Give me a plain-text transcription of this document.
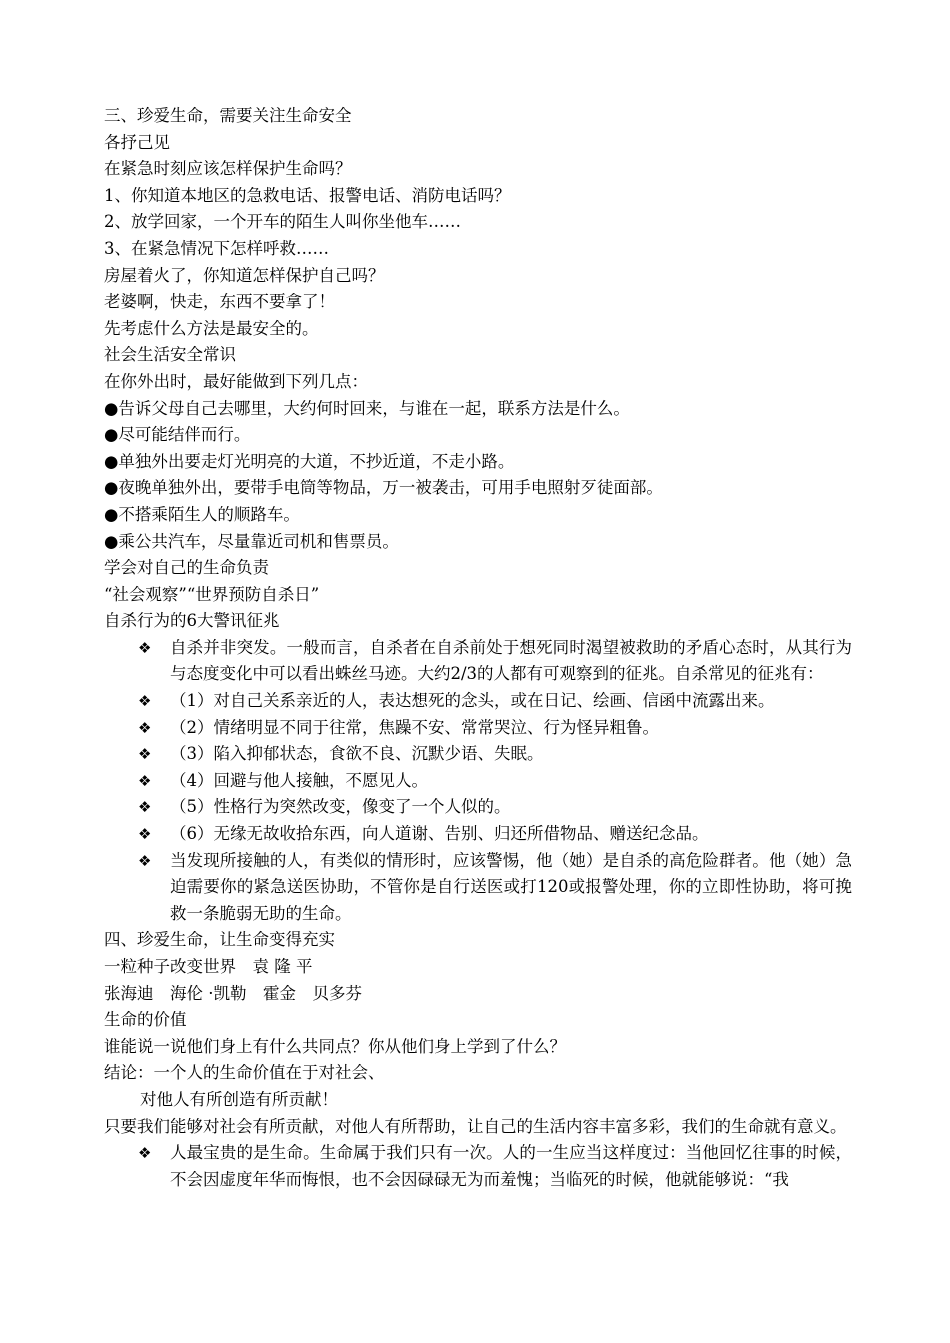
三、珍爱生命，需要关注生命安全
各抒己见
在紧急时刻应该怎样保护生命吗？
1、你知道本地区的急救电话、报警电话、消防电话吗？
2、放学回家，一个开车的陌生人叫你坐他车……
3、在紧急情况下怎样呼救……
房屋着火了，你知道怎样保护自己吗？
老婆啊，快走，东西不要拿了！
先考虑什么方法是最安全的。
社会生活安全常识
在你外出时，最好能做到下列几点：
●告诉父母自己去哪里，大约何时回来，与谁在一起，联系方法是什么。
●尽可能结伴而行。
●单独外出要走灯光明亮的大道，不抄近道，不走小路。
●夜晚单独外出，要带手电筒等物品，万一被袭击，可用手电照射歹徒面部。
●不搭乘陌生人的顺路车。
●乘公共汽车，尽量靠近司机和售票员。
学会对自己的生命负责
“社会观察”“世界预防自杀日”
自杀行为的6大警讯征兆
❖ 自杀并非突发。一般而言，自杀者在自杀前处于想死同时渴望被救助的矛盾心态时，从其行为与态度变化中可以看出蛛丝马迹。大约2/3的人都有可观察到的征兆。自杀常见的征兆有：
❖ （1）对自己关系亲近的人，表达想死的念头，或在日记、绘画、信函中流露出来。
❖ （2）情绪明显不同于往常，焦躁不安、常常哭泣、行为怪异粗鲁。
❖ （3）陷入抑郁状态，食欲不良、沉默少语、失眠。
❖ （4）回避与他人接触，不愿见人。
❖ （5）性格行为突然改变，像变了一个人似的。
❖ （6）无缘无故收拾东西，向人道谢、告别、归还所借物品、赠送纪念品。
❖ 当发现所接触的人，有类似的情形时，应该警惕，他（她）是自杀的高危险群者。他（她）急迫需要你的紧急送医协助，不管你是自行送医或打120或报警处理，你的立即性协助，将可挽救一条脆弱无助的生命。
四、珍爱生命，让生命变得充实
一粒种子改变世界　袁 隆 平
张海迪　海伦 ·凯勒　霍金　贝多芬
生命的价值
谁能说一说他们身上有什么共同点？你从他们身上学到了什么？
结论：一个人的生命价值在于对社会、
对他人有所创造有所贡献！
只要我们能够对社会有所贡献，对他人有所帮助，让自己的生活内容丰富多彩，我们的生命就有意义。
❖ 人最宝贵的是生命。生命属于我们只有一次。人的一生应当这样度过：当他回忆往事的时候，不会因虚度年华而悔恨，也不会因碌碌无为而羞愧；当临死的时候，他就能够说：“我
